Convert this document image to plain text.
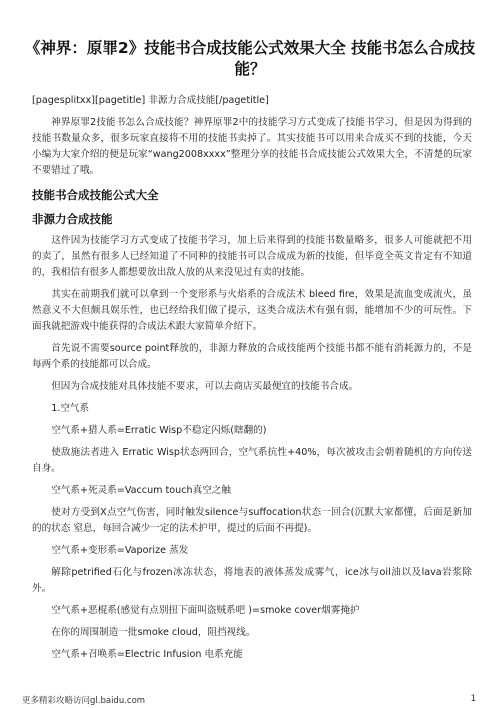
《神界：原罪2》技能书合成技能公式效果大全 技能书怎么合成技能？

[pagesplitxx][pagetitle] 非源力合成技能[/pagetitle]

神界原罪2技能书怎么合成技能？神界原罪2中的技能学习方式变成了技能书学习，但是因为得到的技能书数量众多，很多玩家直接将不用的技能书卖掉了。其实技能书可以用来合成买不到的技能，今天小编为大家介绍的便是玩家“wang2008xxxx”整理分享的技能书合成技能公式效果大全，不清楚的玩家不要错过了哦。

技能书合成技能公式大全
非源力合成技能

这件因为技能学习方式变成了技能书学习，加上后来得到的技能书数量略多，很多人可能就把不用的卖了，虽然有很多人已经知道了不同种的技能书可以合成成为新的技能，但毕竟全英文肯定有不知道的，我相信有很多人都想要放出敌人放的从来没见过有卖的技能。

其实在前期我们就可以拿到一个变形系与火焰系的合成法术 bleed fire，效果是流血变成流火，虽然意义不大但颇具娱乐性，也已经给我们做了提示，这类合成法术有强有弱，能增加不少的可玩性。下面我就把游戏中能获得的合成法术跟大家简单介绍下。

首先说不需要source point释放的，非源力释放的合成技能两个技能书都不能有消耗源力的，不是每两个系的技能都可以合成。

但因为合成技能对具体技能不要求，可以去商店买最便宜的技能书合成。

1.空气系

空气系+猎人系=Erratic Wisp不稳定闪烁(瞎翻的)

使敌施法者进入 Erratic Wisp状态两回合，空气系抗性+40%，每次被攻击会朝着随机的方向传送自身。

空气系+死灵系=Vaccum touch真空之触

使对方受到X点空气伤害，同时触发silence与suffocation状态一回合(沉默大家都懂，后面是新加的的状态 窒息，每回合减少一定的法术护甲，提过的后面不再提)。

空气系+变形系=Vaporize 蒸发

解除petrified石化与frozen冰冻状态，将地表的液体蒸发成雾气，ice冰与oil油以及lava岩浆除外。

空气系+恶棍系(感觉有点别扭下面叫盗贼系吧 )=smoke cover烟雾掩护

在你的周围制造一批smoke cloud，阻挡视线。

空气系+召唤系=Electric Infusion 电系充能

更多精彩攻略访问gl.baidu.com	1
